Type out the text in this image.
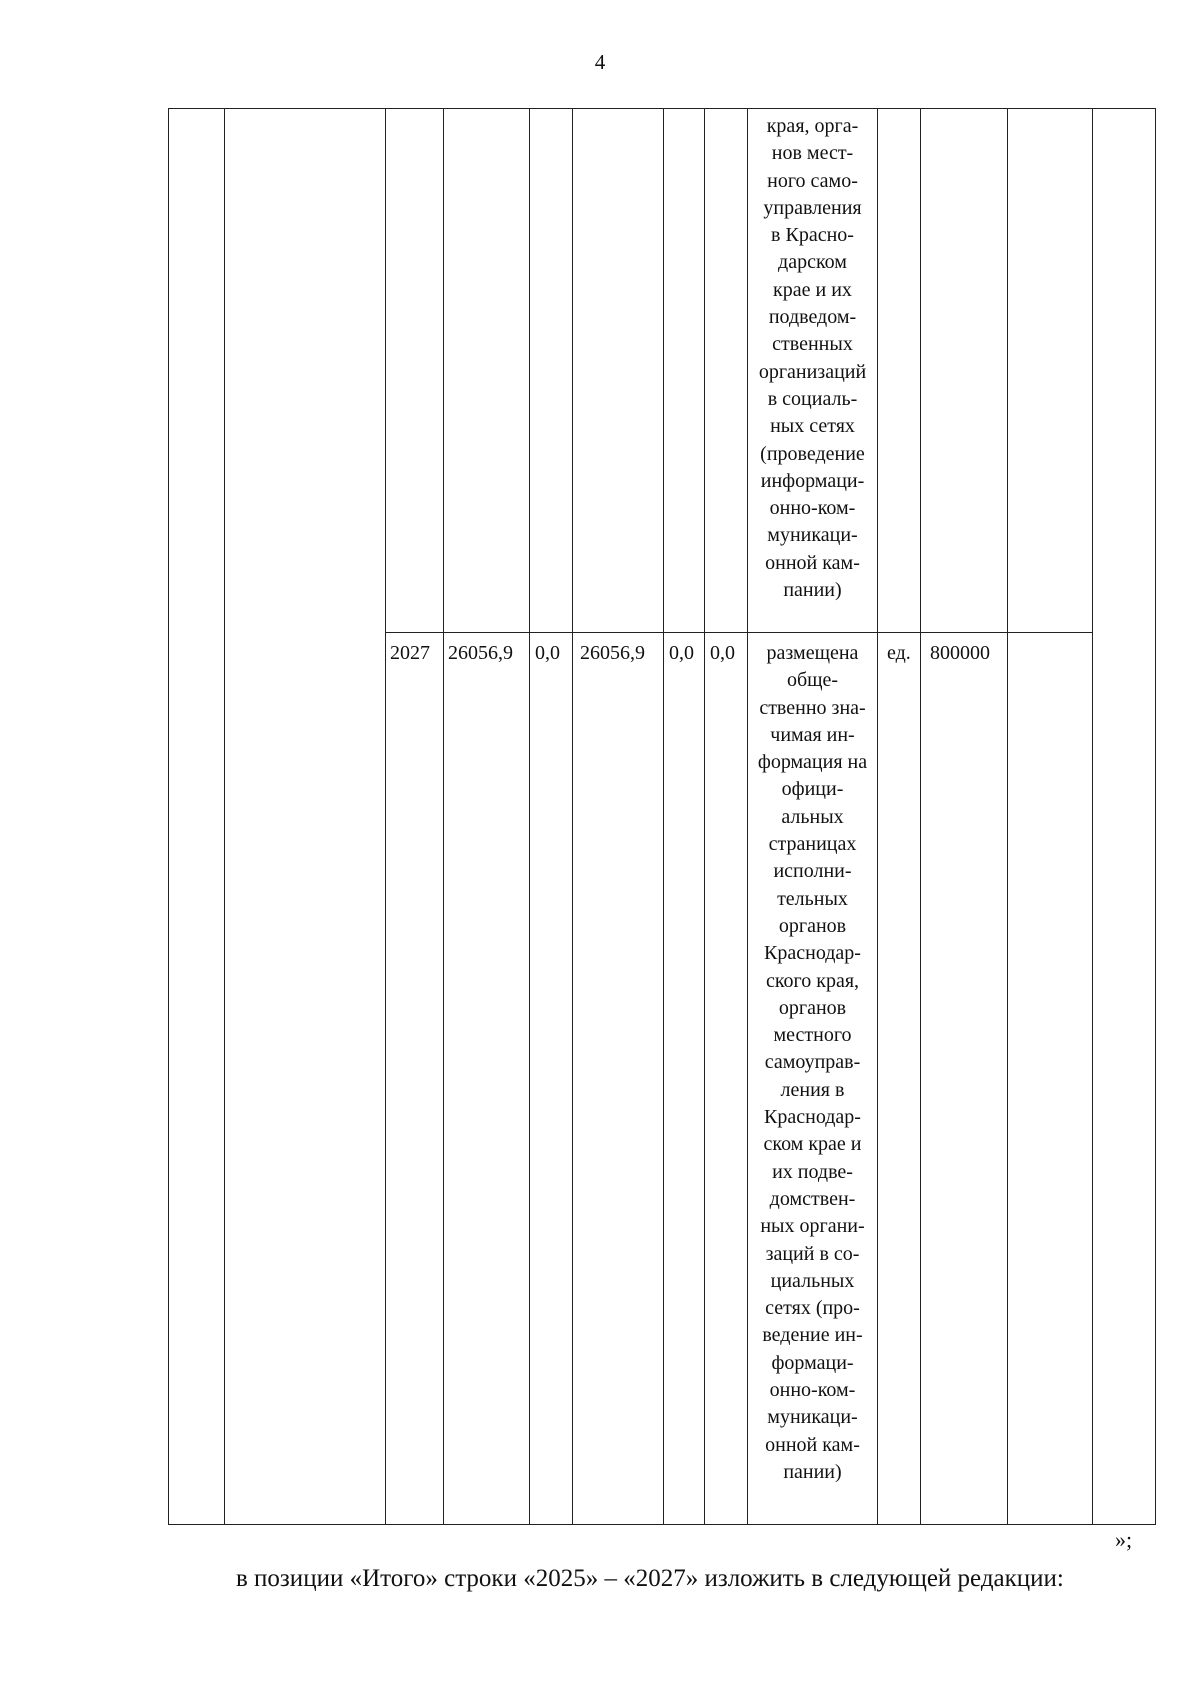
4
края, орга-
нов мест-
ного само-
управления
в Красно-
дарском
крае и их
подведом-
ственных
организаций
в социаль-
ных сетях
(проведение
информаци-
онно-ком-
муникаци-
онной кам-
пании)
2027 26056,9 0,0 26056,9 0,0 0,0	размещена
обще-
ственно зна-
чимая ин-
формация на
офици-
альных
страницах
исполни-
тельных
органов
Краснодар-
ского края,
органов
местного
самоуправ-
ления в
Краснодар-
ском крае и
их подве-
домствен-
ных органи-
заций в со-
циальных
сетях (про-
ведение ин-
формаци-
онно-ком-
муникаци-
онной кам-
пании)
ед. 800000
»;
в позиции «Итого» строки «2025» – «2027» изложить в следующей редакции:
